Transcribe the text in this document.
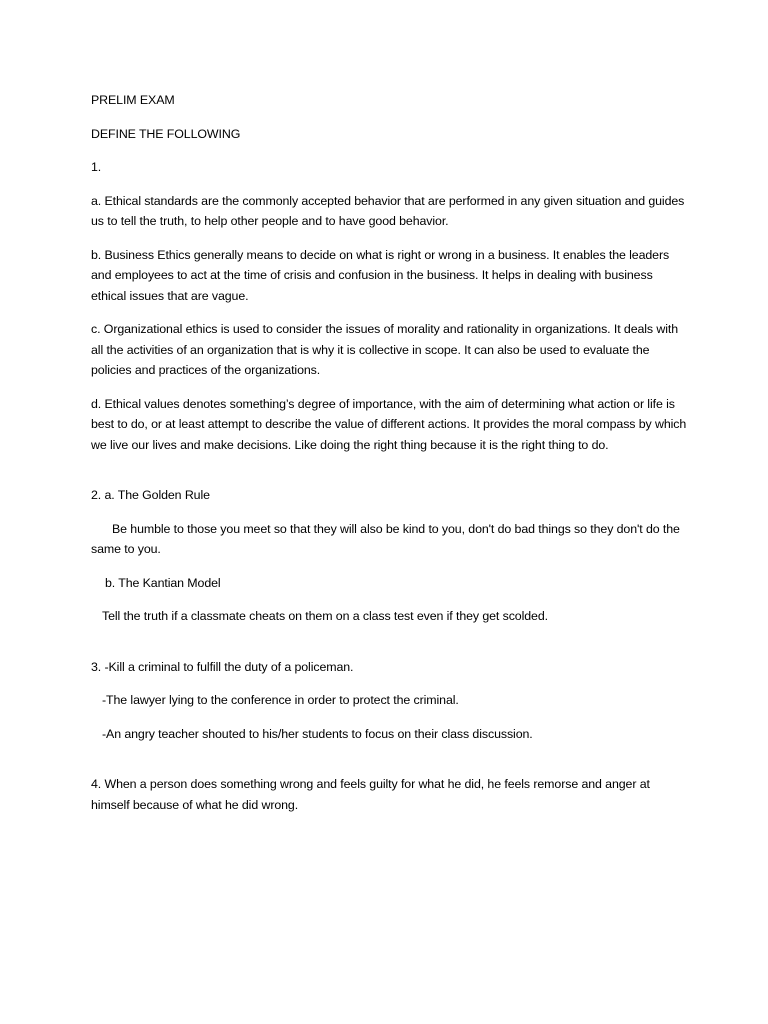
PRELIM EXAM

DEFINE THE FOLLOWING

1.

a. Ethical standards are the commonly accepted behavior that are performed in any given situation and guides us to tell the truth, to help other people and to have good behavior.

b. Business Ethics generally means to decide on what is right or wrong in a business. It enables the leaders and employees to act at the time of crisis and confusion in the business. It helps in dealing with business ethical issues that are vague.

c. Organizational ethics is used to consider the issues of morality and rationality in organizations. It deals with all the activities of an organization that is why it is collective in scope. It can also be used to evaluate the policies and practices of the organizations.

d. Ethical values denotes something’s degree of importance, with the aim of determining what action or life is best to do, or at least attempt to describe the value of different actions. It provides the moral compass by which we live our lives and make decisions. Like doing the right thing because it is the right thing to do.

2. a. The Golden Rule

Be humble to those you meet so that they will also be kind to you, don't do bad things so they don't do the same to you.

b. The Kantian Model

Tell the truth if a classmate cheats on them on a class test even if they get scolded.

3. -Kill a criminal to fulfill the duty of a policeman.

-The lawyer lying to the conference in order to protect the criminal.

-An angry teacher shouted to his/her students to focus on their class discussion.

4. When a person does something wrong and feels guilty for what he did, he feels remorse and anger at himself because of what he did wrong.
